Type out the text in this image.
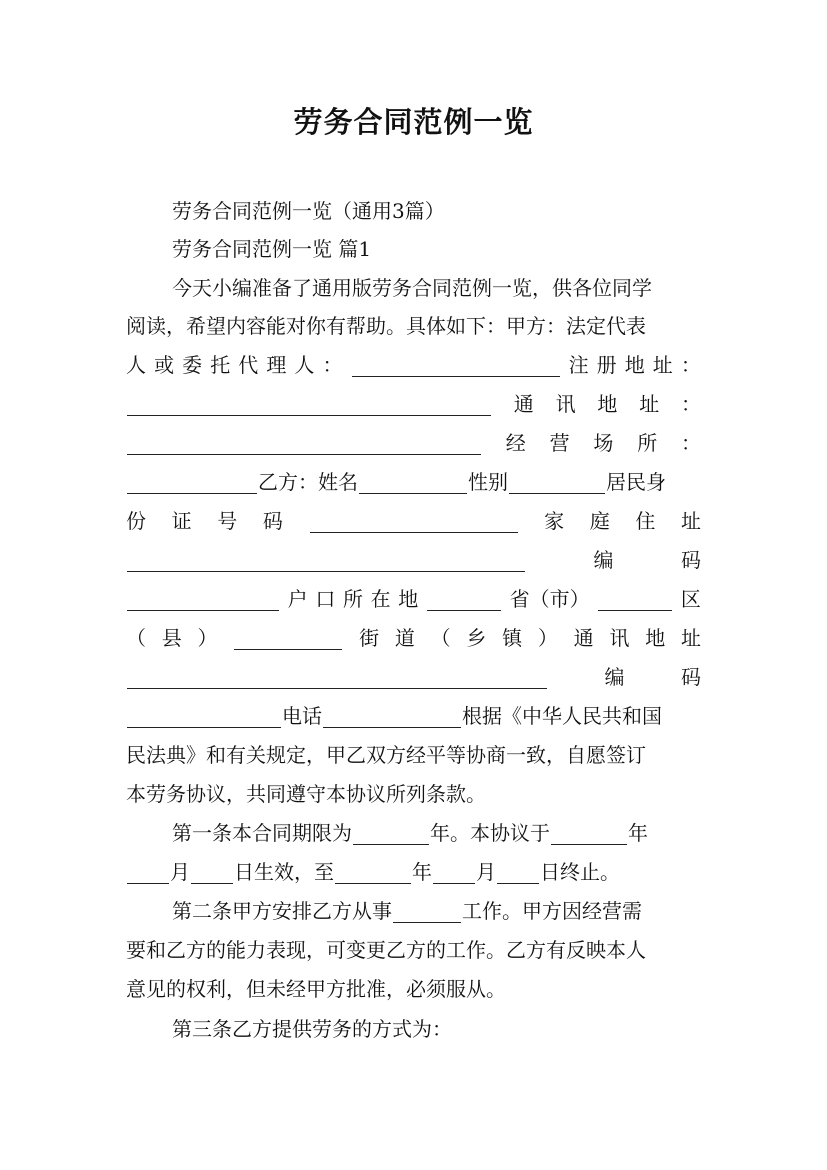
劳务合同范例一览
劳务合同范例一览（通用3篇）
劳务合同范例一览 篇1
今天小编准备了通用版劳务合同范例一览，供各位同学
阅读，希望内容能对你有帮助。具体如下：甲方：法定代表
人 或 委 托 代 理 人 ：	注 册 地 址 ：
通 讯 地 址 ：
经 营 场 所 ：
乙方：姓名	性别	居民身
份 证 号 码	家 庭 住 址
编	码
户 口 所 在 地	省（市）	区
（ 县 ）	街 道 （ 乡 镇 ） 通 讯 地 址
编	码
电话	根据《中华人民共和国
民法典》和有关规定，甲乙双方经平等协商一致，自愿签订
本劳务协议，共同遵守本协议所列条款。
第一条本合同期限为	年。本协议于	年
月 日生效，至	年 月 日终止。
第二条甲方安排乙方从事	工作。甲方因经营需
要和乙方的能力表现，可变更乙方的工作。乙方有反映本人
意见的权利，但未经甲方批准，必须服从。
第三条乙方提供劳务的方式为：
